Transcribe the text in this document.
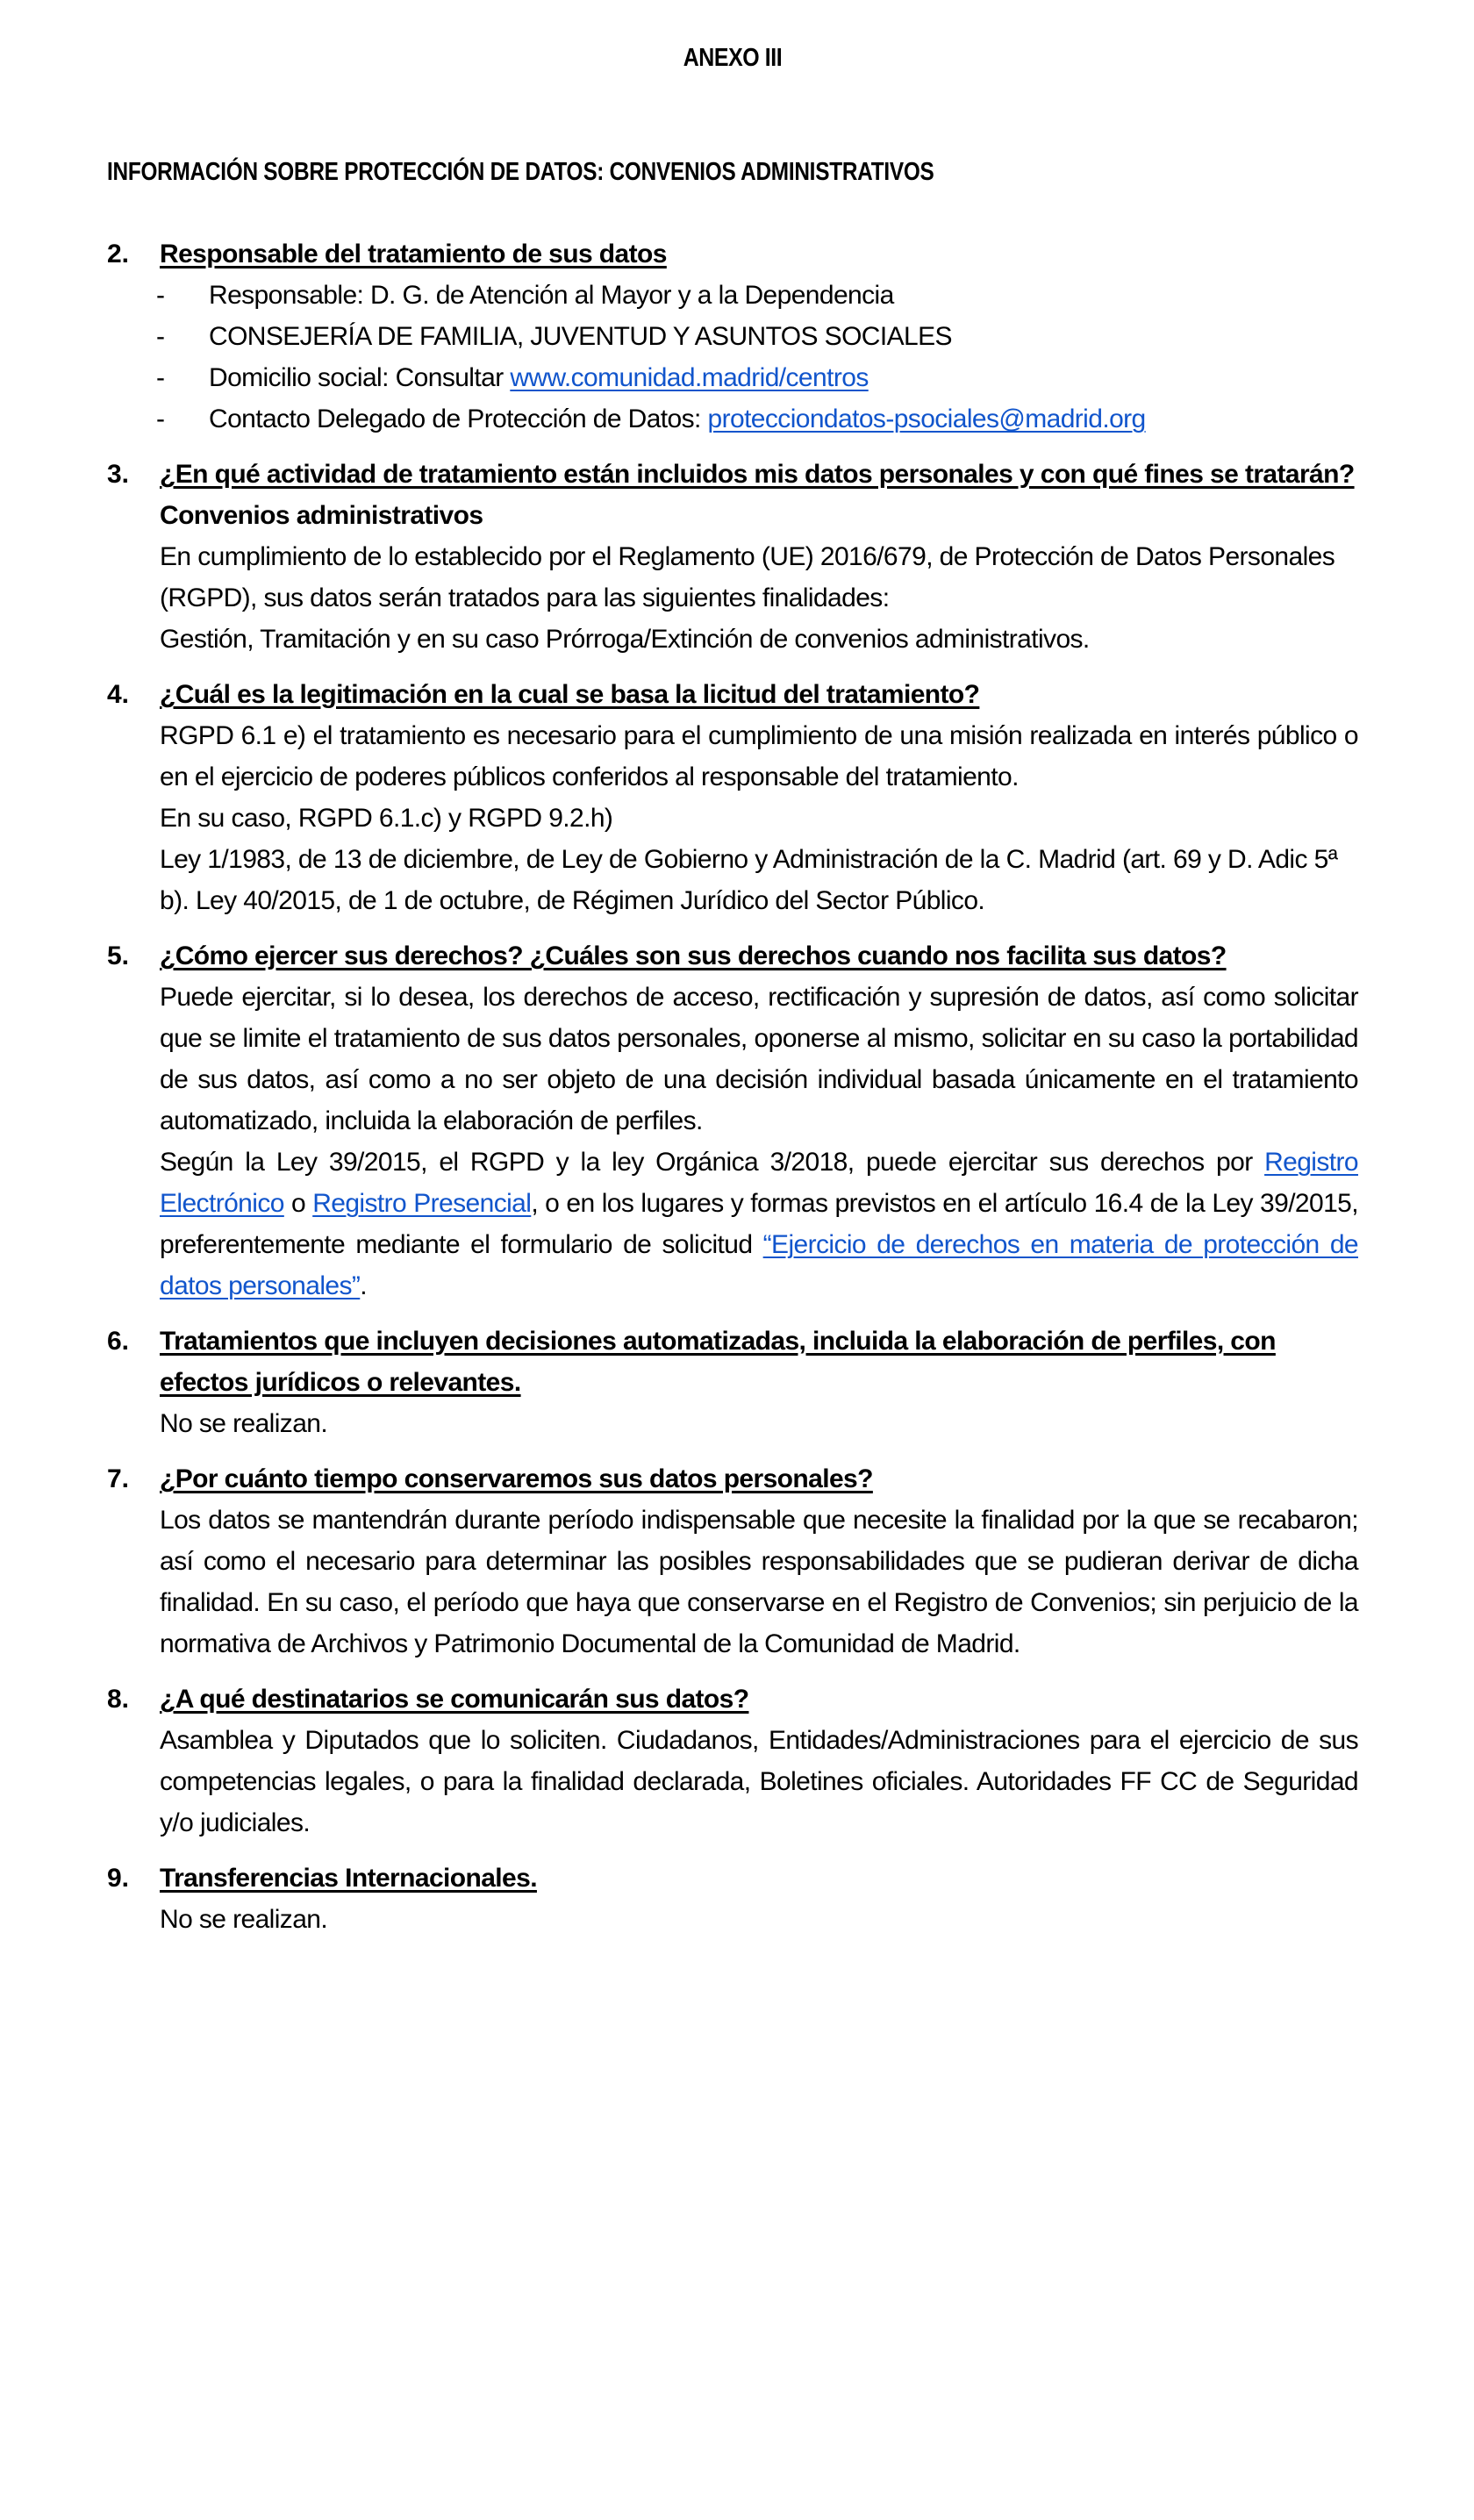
ANEXO III
INFORMACIÓN SOBRE PROTECCIÓN DE DATOS: CONVENIOS ADMINISTRATIVOS
2. Responsable del tratamiento de sus datos
- Responsable: D. G. de Atención al Mayor y a la Dependencia
- CONSEJERÍA DE FAMILIA, JUVENTUD Y ASUNTOS SOCIALES
- Domicilio social: Consultar www.comunidad.madrid/centros
- Contacto Delegado de Protección de Datos: protecciondatos-psociales@madrid.org
3. ¿En qué actividad de tratamiento están incluidos mis datos personales y con qué fines se tratarán?
Convenios administrativos
En cumplimiento de lo establecido por el Reglamento (UE) 2016/679, de Protección de Datos Personales (RGPD), sus datos serán tratados para las siguientes finalidades:
Gestión, Tramitación y en su caso Prórroga/Extinción de convenios administrativos.
4. ¿Cuál es la legitimación en la cual se basa la licitud del tratamiento?
RGPD 6.1 e) el tratamiento es necesario para el cumplimiento de una misión realizada en interés público o en el ejercicio de poderes públicos conferidos al responsable del tratamiento.
En su caso, RGPD 6.1.c) y RGPD 9.2.h)
Ley 1/1983, de 13 de diciembre, de Ley de Gobierno y Administración de la C. Madrid (art. 69 y D. Adic 5ª b). Ley 40/2015, de 1 de octubre, de Régimen Jurídico del Sector Público.
5. ¿Cómo ejercer sus derechos? ¿Cuáles son sus derechos cuando nos facilita sus datos?
Puede ejercitar, si lo desea, los derechos de acceso, rectificación y supresión de datos, así como solicitar que se limite el tratamiento de sus datos personales, oponerse al mismo, solicitar en su caso la portabilidad de sus datos, así como a no ser objeto de una decisión individual basada únicamente en el tratamiento automatizado, incluida la elaboración de perfiles.
Según la Ley 39/2015, el RGPD y la ley Orgánica 3/2018, puede ejercitar sus derechos por Registro Electrónico o Registro Presencial, o en los lugares y formas previstos en el artículo 16.4 de la Ley 39/2015, preferentemente mediante el formulario de solicitud “Ejercicio de derechos en materia de protección de datos personales”.
6. Tratamientos que incluyen decisiones automatizadas, incluida la elaboración de perfiles, con efectos jurídicos o relevantes.
No se realizan.
7. ¿Por cuánto tiempo conservaremos sus datos personales?
Los datos se mantendrán durante período indispensable que necesite la finalidad por la que se recabaron; así como el necesario para determinar las posibles responsabilidades que se pudieran derivar de dicha finalidad. En su caso, el período que haya que conservarse en el Registro de Convenios; sin perjuicio de la normativa de Archivos y Patrimonio Documental de la Comunidad de Madrid.
8. ¿A qué destinatarios se comunicarán sus datos?
Asamblea y Diputados que lo soliciten. Ciudadanos, Entidades/Administraciones para el ejercicio de sus competencias legales, o para la finalidad declarada, Boletines oficiales. Autoridades FF CC de Seguridad y/o judiciales.
9. Transferencias Internacionales.
No se realizan.
